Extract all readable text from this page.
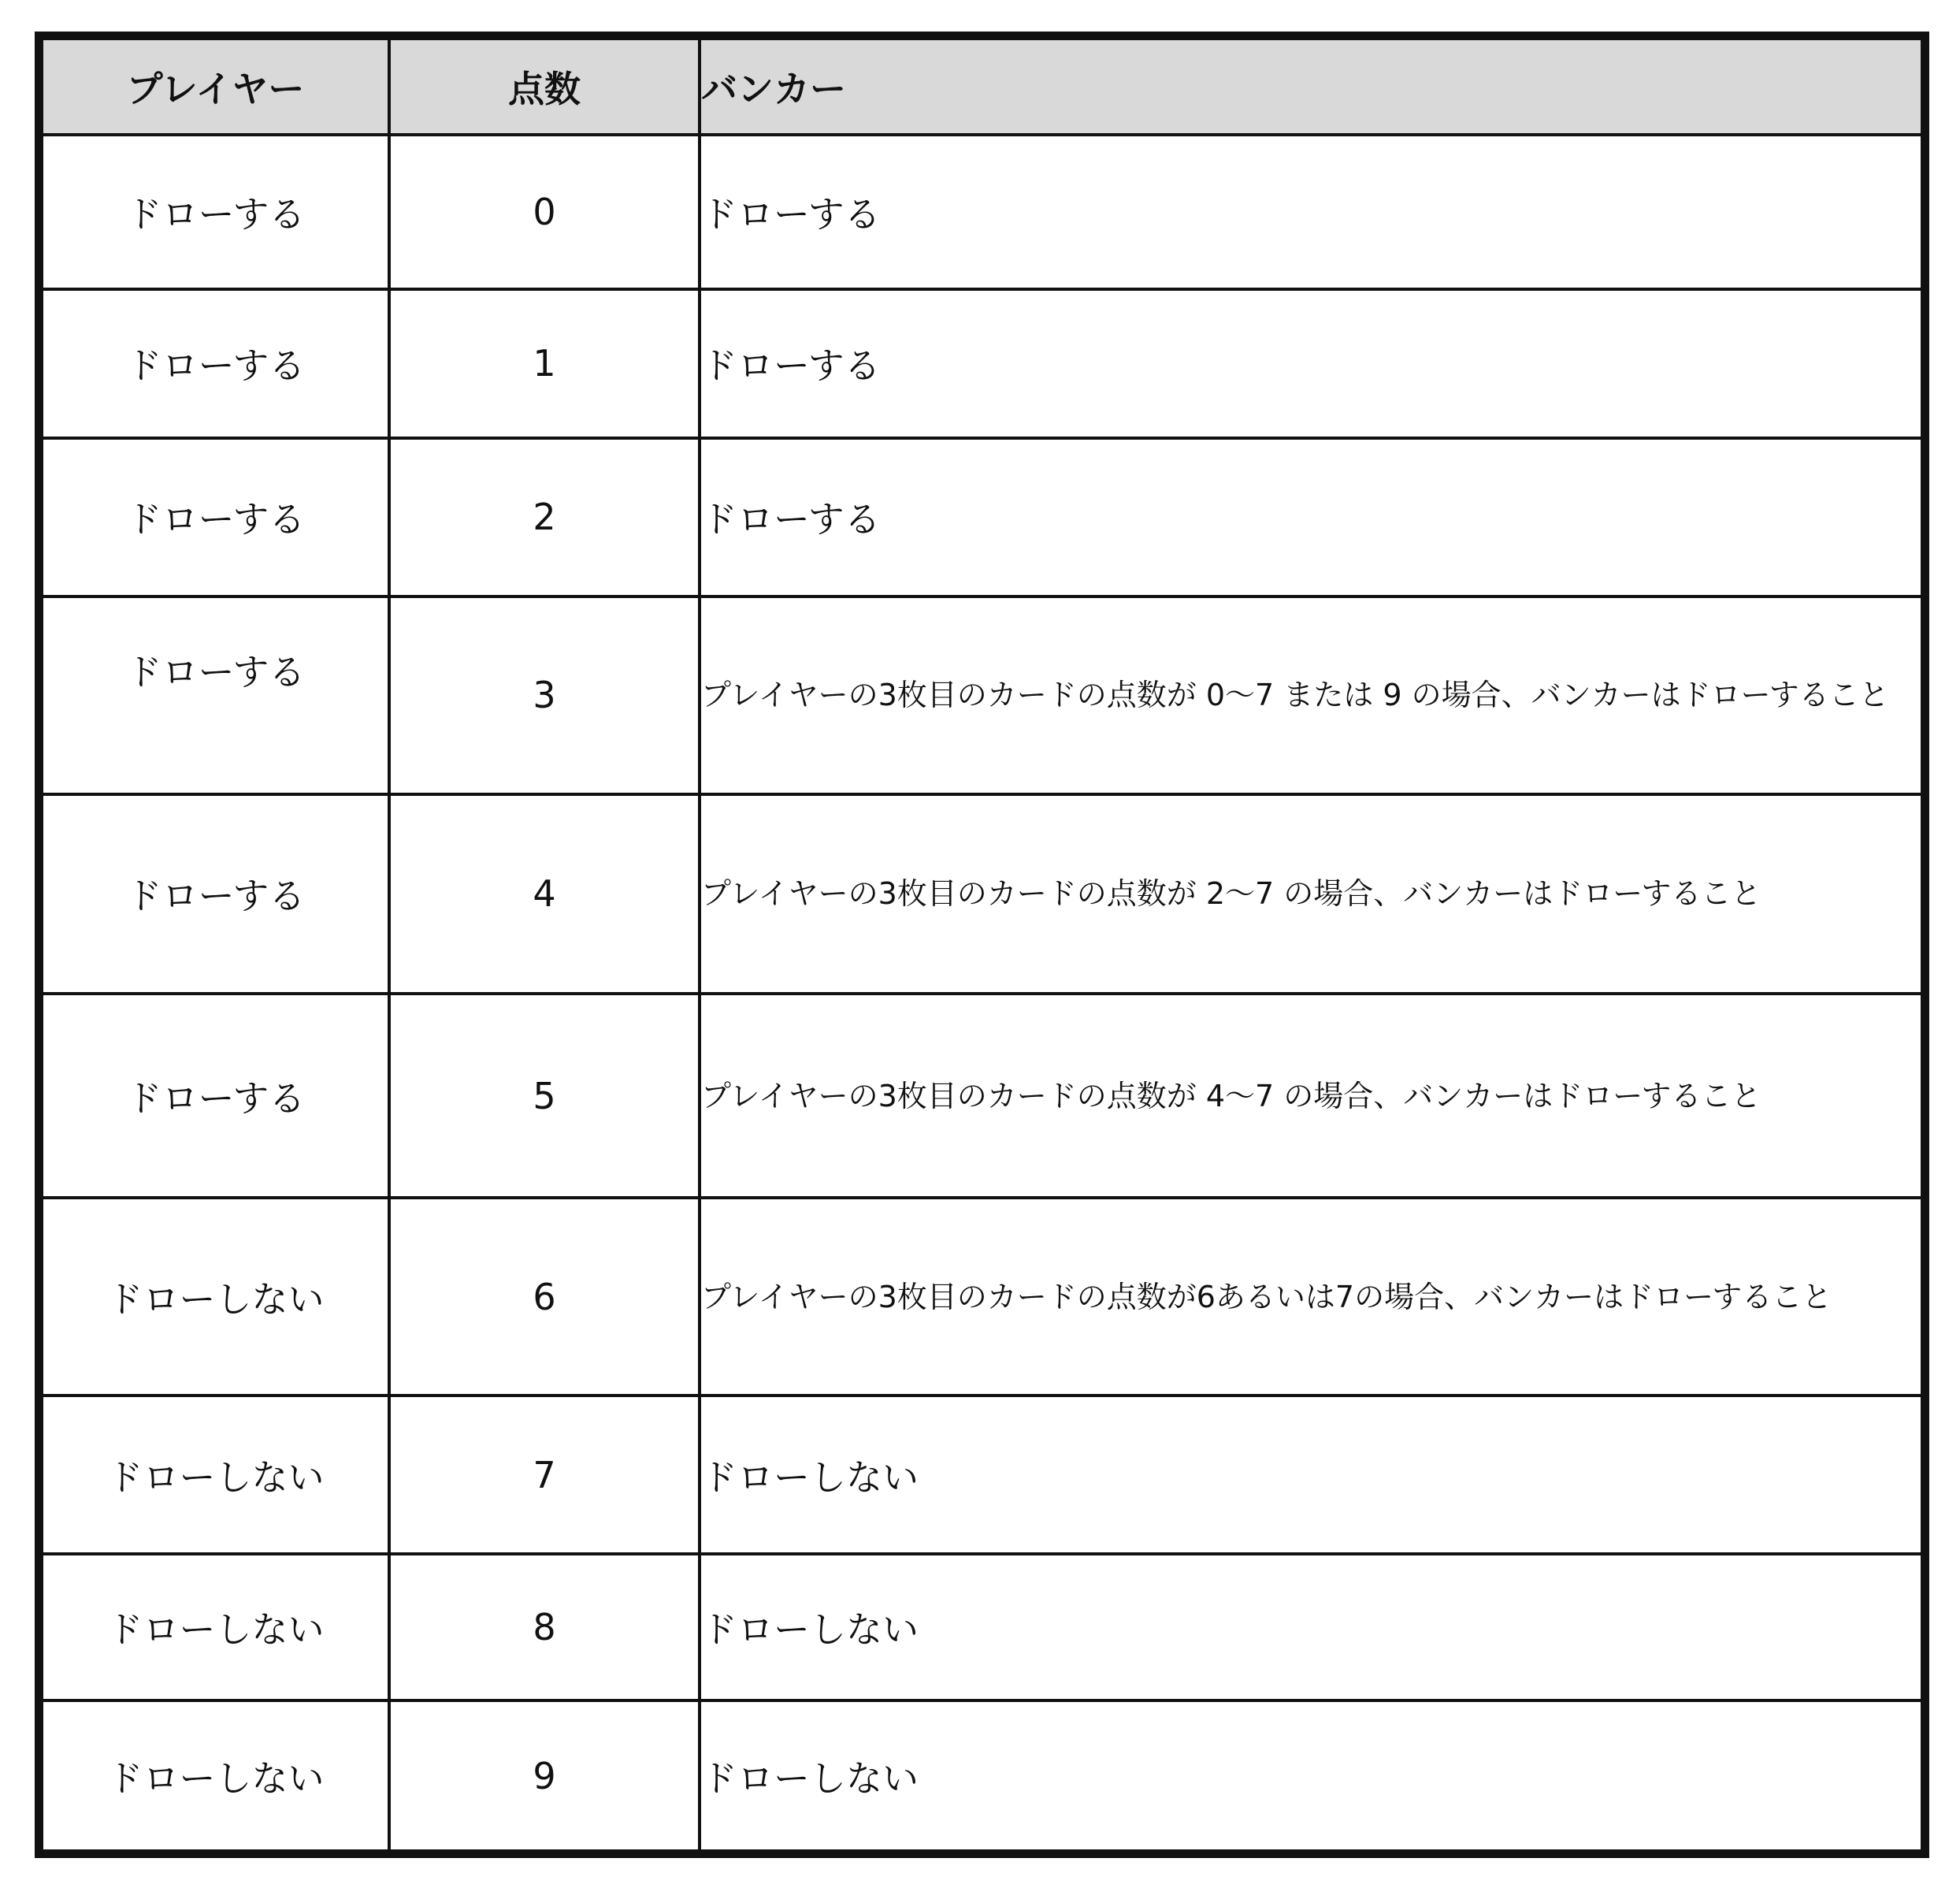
プレイヤー	点数	バンカー
ドローする	0	ドローする
ドローする	1	ドローする
ドローする	2	ドローする

ドローする	3	プレイヤーの3枚目のカードの点数が 0〜7 または 9 の場合、バンカーはドローすること

ドローする	4	プレイヤーの3枚目のカードの点数が 2〜7 の場合、バンカーはドローすること

ドローする	5	プレイヤーの3枚目のカードの点数が 4〜7 の場合、バンカーはドローすること

ドローしない	6	プレイヤーの3枚目のカードの点数が6あるいは7の場合、バンカーはドローすること

ドローしない	7	ドローしない
ドローしない	8	ドローしない
ドローしない	9	ドローしない
